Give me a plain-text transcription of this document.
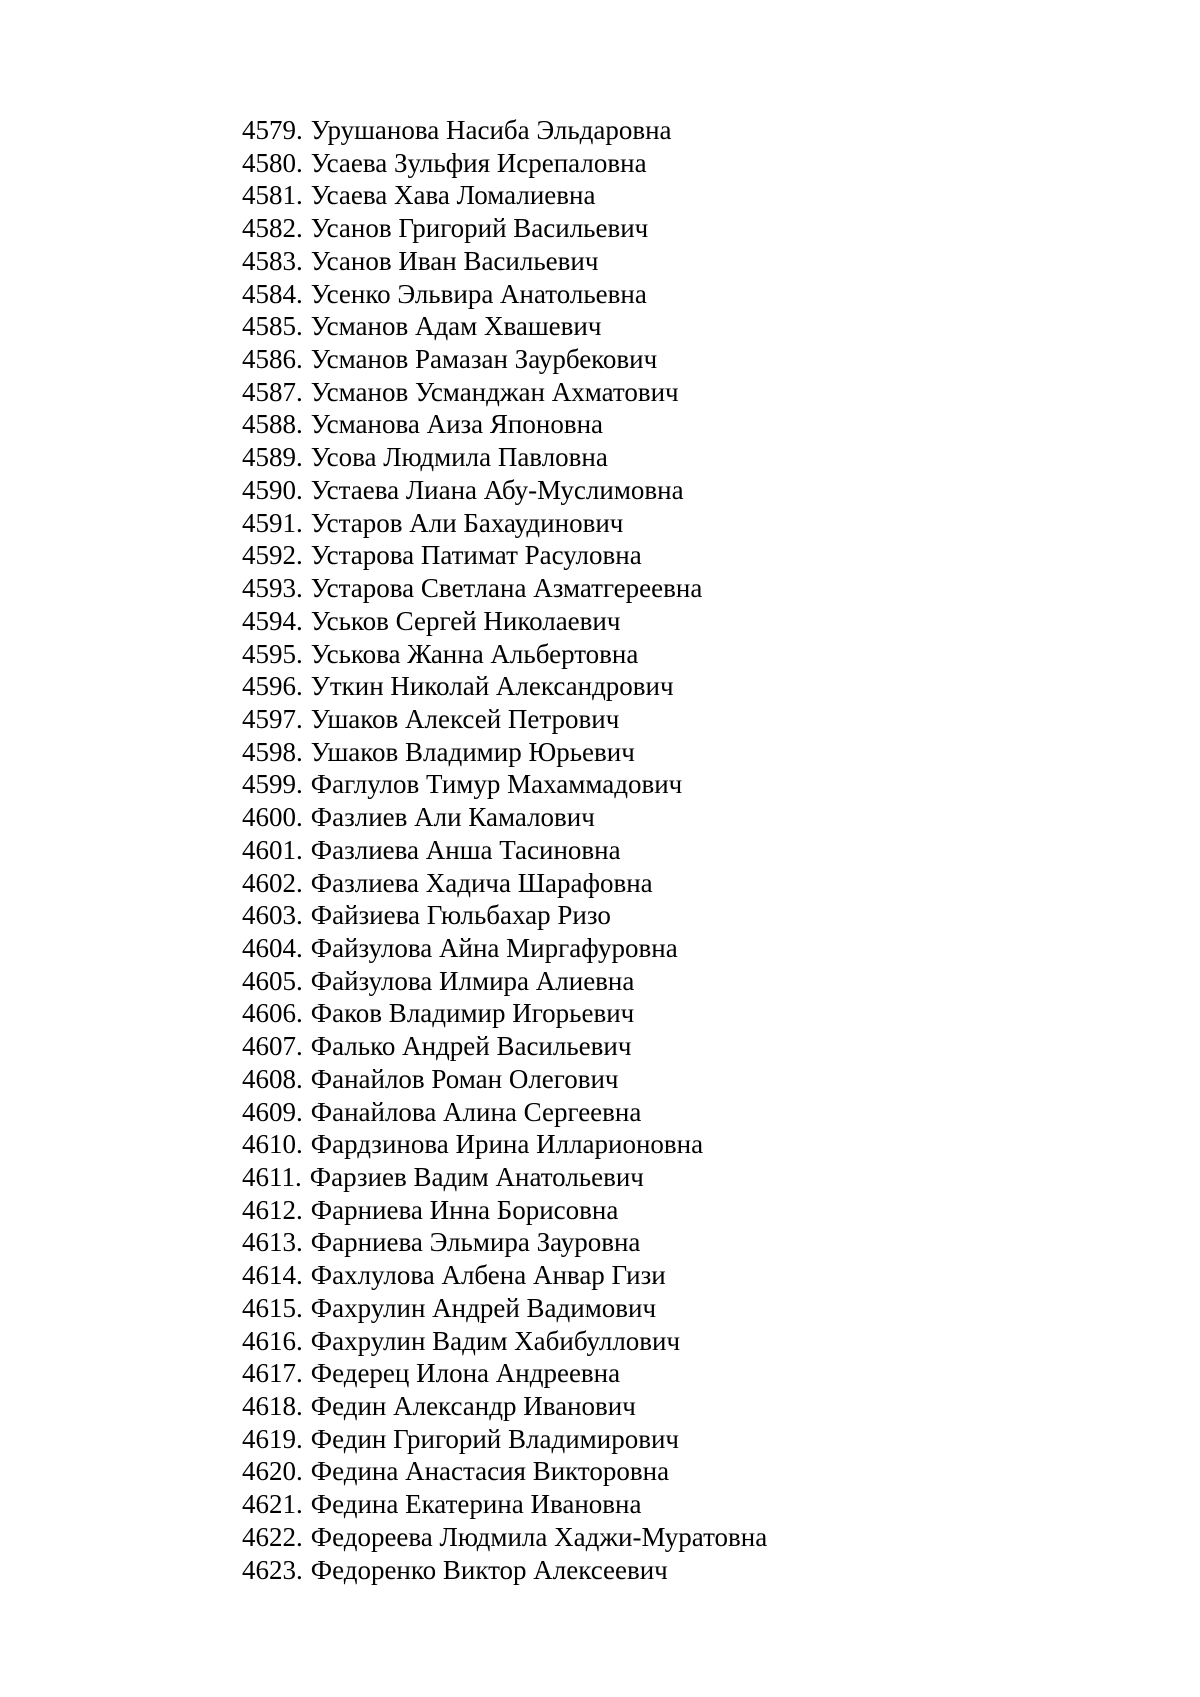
4579. Урушанова Насиба Эльдаровна
4580. Усаева Зульфия Исрепаловна
4581. Усаева Хава Ломалиевна
4582. Усанов Григорий Васильевич
4583. Усанов Иван Васильевич
4584. Усенко Эльвира Анатольевна
4585. Усманов Адам Хвашевич
4586. Усманов Рамазан Заурбекович
4587. Усманов Усманджан Ахматович
4588. Усманова Аиза Японовна
4589. Усова Людмила Павловна
4590. Устаева Лиана Абу-Муслимовна
4591. Устаров Али Бахаудинович
4592. Устарова Патимат Расуловна
4593. Устарова Светлана Азматгереевна
4594. Уськов Сергей Николаевич
4595. Уськова Жанна Альбертовна
4596. Уткин Николай Александрович
4597. Ушаков Алексей Петрович
4598. Ушаков Владимир Юрьевич
4599. Фаглулов Тимур Махаммадович
4600. Фазлиев Али Камалович
4601. Фазлиева Анша Тасиновна
4602. Фазлиева Хадича Шарафовна
4603. Файзиева Гюльбахар Ризо
4604. Файзулова Айна Миргафуровна
4605. Файзулова Илмира Алиевна
4606. Факов Владимир Игорьевич
4607. Фалько Андрей Васильевич
4608. Фанайлов Роман Олегович
4609. Фанайлова Алина Сергеевна
4610. Фардзинова Ирина Илларионовна
4611. Фарзиев Вадим Анатольевич
4612. Фарниева Инна Борисовна
4613. Фарниева Эльмира Зауровна
4614. Фахлулова Албена Анвар Гизи
4615. Фахрулин Андрей Вадимович
4616. Фахрулин Вадим Хабибуллович
4617. Федерец Илона Андреевна
4618. Федин Александр Иванович
4619. Федин Григорий Владимирович
4620. Федина Анастасия Викторовна
4621. Федина Екатерина Ивановна
4622. Федореева Людмила Хаджи-Муратовна
4623. Федоренко Виктор Алексеевич
